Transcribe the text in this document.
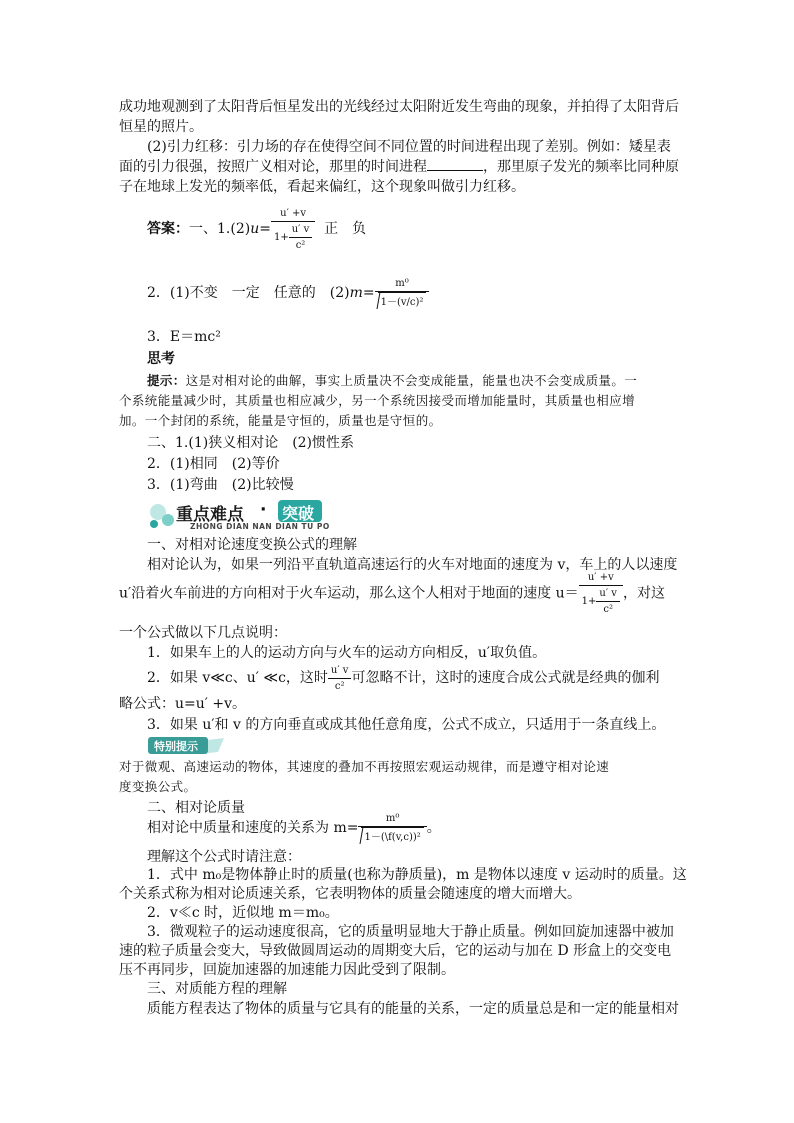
成功地观测到了太阳背后恒星发出的光线经过太阳附近发生弯曲的现象，并拍得了太阳背后
恒星的照片。
(2)引力红移：引力场的存在使得空间不同位置的时间进程出现了差别。例如：矮星表
面的引力很强，按照广义相对论，那里的时间进程	，那里原子发光的频率比同种原
子在地球上发光的频率低，看起来偏红，这个现象叫做引力红移。
答案：一、$1.(2)u= \frac{u' +v}{1+ \frac{u' v}{\text{c²}}}$ 正　负
2．(1)不变　一定　任意的　$(2)m= \frac{\text{m⁰}}{\text{1－(v/c)²}}$
3．E＝mc²
思考
提示：这是对相对论的曲解，事实上质量决不会变成能量，能量也决不会变成质量。一
个系统能量减少时，其质量也相应减少，另一个系统因接受而增加能量时，其质量也相应增
加。一个封闭的系统，能量是守恒的，质量也是守恒的。
二、1.(1)狭义相对论　(2)惯性系
2．(1)相同　(2)等价
3．(1)弯曲　(2)比较慢
重点难点 · 突破
ZHONG DIAN NAN DIAN TU PO
一、对相对论速度变换公式的理解
相对论认为，如果一列沿平直轨道高速运行的火车对地面的速度为 v，车上的人以速度
u′沿着火车前进的方向相对于火车运动，那么这个人相对于地面的速度 $u= \frac{u' +v}{1+ \frac{u' v}{\text{c²}}}$ ，对这
一个公式做以下几点说明：
1．如果车上的人的运动方向与火车的运动方向相反，u′取负值。
2．如果 v≪c、u′ ≪c，这时 $\frac{u' v}{\text{c²}}$ 可忽略不计，这时的速度合成公式就是经典的伽利
略公式：u=u′ +v。
3．如果 u′和 v 的方向垂直或成其他任意角度，公式不成立，只适用于一条直线上。
特别提示
对于微观、高速运动的物体，其速度的叠加不再按照宏观运动规律，而是遵守相对论速
度变换公式。
二、相对论质量
相对论中质量和速度的关系为 $m= \frac{\text{m⁰}}{\text{1－(\textbackslash{}f(v,c))²}}$ 。
理解这个公式时请注意：
1．式中 m₀是物体静止时的质量(也称为静质量)，m 是物体以速度 v 运动时的质量。这
个关系式称为相对论质速关系，它表明物体的质量会随速度的增大而增大。
2．v≪c 时，近似地 m＝m₀。
3．微观粒子的运动速度很高，它的质量明显地大于静止质量。例如回旋加速器中被加
速的粒子质量会变大，导致做圆周运动的周期变大后，它的运动与加在 D 形盒上的交变电
压不再同步，回旋加速器的加速能力因此受到了限制。
三、对质能方程的理解
质能方程表达了物体的质量与它具有的能量的关系，一定的质量总是和一定的能量相对
